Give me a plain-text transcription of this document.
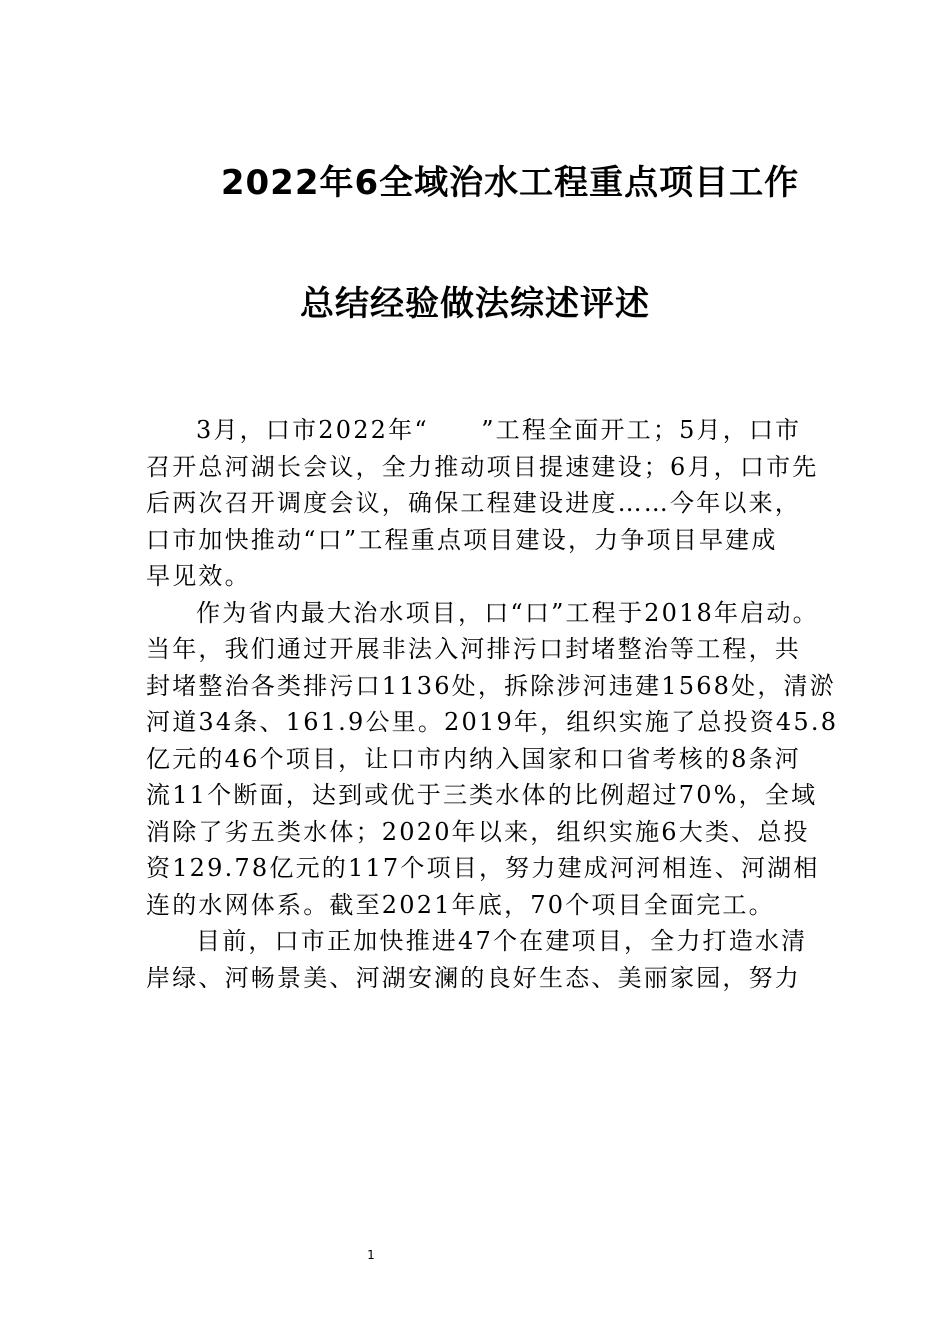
2022年6全域治水工程重点项目工作
总结经验做法综述评述
3月，口市2022年“　　”工程全面开工；5月，口市
召开总河湖长会议，全力推动项目提速建设；6月，口市先
后两次召开调度会议，确保工程建设进度……今年以来，
口市加快推动“口”工程重点项目建设，力争项目早建成
早见效。
作为省内最大治水项目，口“口”工程于2018年启动。
当年，我们通过开展非法入河排污口封堵整治等工程，共
封堵整治各类排污口1136处，拆除涉河违建1568处，清淤
河道34条、161.9公里。2019年，组织实施了总投资45.8
亿元的46个项目，让口市内纳入国家和口省考核的8条河
流11个断面，达到或优于三类水体的比例超过70%，全域
消除了劣五类水体；2020年以来，组织实施6大类、总投
资129.78亿元的117个项目，努力建成河河相连、河湖相
连的水网体系。截至2021年底，70个项目全面完工。
目前，口市正加快推进47个在建项目，全力打造水清
岸绿、河畅景美、河湖安澜的良好生态、美丽家园，努力
1
